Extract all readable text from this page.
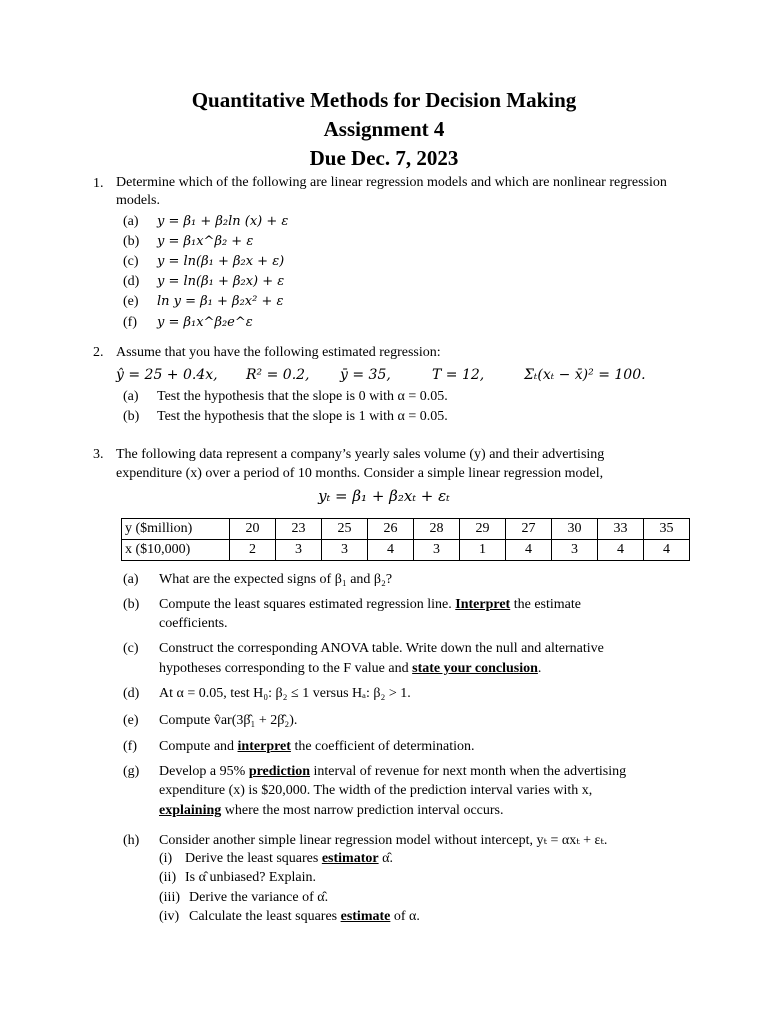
Quantitative Methods for Decision Making
Assignment 4
Due Dec. 7, 2023
1. Determine which of the following are linear regression models and which are nonlinear regression models.
(a) y = β₁ + β₂ln (x) + ε
(b) y = β₁x^β₂ + ε
(c) y = ln(β₁ + β₂x + ε)
(d) y = ln(β₁ + β₂x) + ε
(e) ln y = β₁ + β₂x² + ε
(f) y = β₁x^β₂e^ε
2. Assume that you have the following estimated regression:
ŷ = 25 + 0.4x, R² = 0.2, ȳ = 35,	T = 12,	Σₜ(xₜ − x̄)² = 100.
(a) Test the hypothesis that the slope is 0 with α = 0.05.
(b) Test the hypothesis that the slope is 1 with α = 0.05.
3. The following data represent a company’s yearly sales volume (y) and their advertising
expenditure (x) over a period of 10 months. Consider a simple linear regression model,
yₜ = β₁ + β₂xₜ + εₜ
y ($million)	20	23	25	26	28	29	27	30	33	35
x ($10,000)	2	3	3	4	3	1	4	3	4	4
(a) What are the expected signs of β₁ and β₂?
(b) Compute the least squares estimated regression line. Interpret the estimate
coefficients.
(c) Construct the corresponding ANOVA table. Write down the null and alternative
hypotheses corresponding to the F value and state your conclusion.
(d) At α = 0.05, test H₀: β₂ ≤ 1 versus Hₐ: β₂ > 1.
(e) Compute v̂ar(3β̂₁ + 2β̂₂).
(f) Compute and interpret the coefficient of determination.
(g) Develop a 95% prediction interval of revenue for next month when the advertising
expenditure (x) is $20,000. The width of the prediction interval varies with x,
explaining where the most narrow prediction interval occurs.
(h) Consider another simple linear regression model without intercept, yₜ = αxₜ + εₜ.
(i) Derive the least squares estimator α̂.
(ii) Is α̂ unbiased? Explain.
(iii) Derive the variance of α̂.
(iv) Calculate the least squares estimate of α.
